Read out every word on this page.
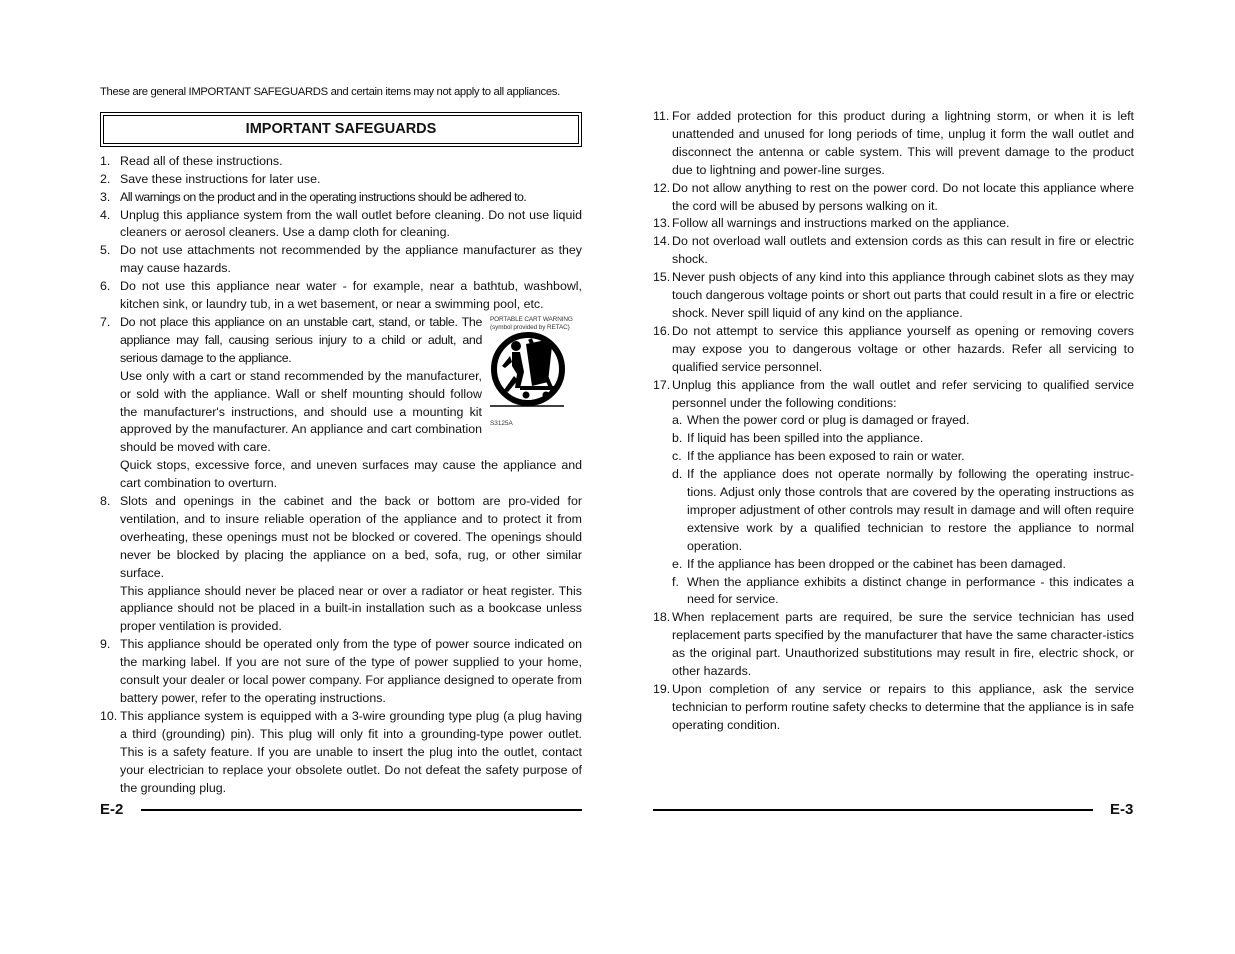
These are general IMPORTANT SAFEGUARDS and certain items may not apply to all appliances.

IMPORTANT SAFEGUARDS
1. Read all of these instructions.

2. Save these instructions for later use.

3. All warnings on the product and in the operating instructions should be adhered to.

4. Unplug this appliance system from the wall outlet before cleaning. Do not use liquid cleaners or aerosol cleaners. Use a damp cloth for cleaning.

5. Do not use attachments not recommended by the appliance manufacturer as they may cause hazards.

6. Do not use this appliance near water - for example, near a bathtub, washbowl, kitchen sink, or laundry tub, in a wet basement, or near a swimming pool, etc.

7.	PORTABLE CART WARNING
(symbol provided by RETAC)
S3125A

Do not place this appliance on an unstable cart, stand, or table. The appliance may fall, causing serious injury to a child or adult, and serious damage to the appliance.

Use only with a cart or stand recommended by the manufacturer, or sold with the appliance. Wall or shelf mounting should follow the manufacturer's instructions, and should use a mounting kit approved by the manufacturer. An appliance and cart combination should be moved with care.

Quick stops, excessive force, and uneven surfaces may cause the appliance and cart combination to overturn.

8. Slots and openings in the cabinet and the back or bottom are pro-vided for ventilation, and to insure reliable operation of the appliance and to protect it from overheating, these openings must not be blocked or covered. The openings should never be blocked by placing the appliance on a bed, sofa, rug, or other similar surface.

This appliance should never be placed near or over a radiator or heat register. This appliance should not be placed in a built-in installation such as a bookcase unless proper ventilation is provided.

9. This appliance should be operated only from the type of power source indicated on the marking label. If you are not sure of the type of power supplied to your home, consult your dealer or local power company. For appliance designed to operate from battery power, refer to the operating instructions.

10. This appliance system is equipped with a 3-wire grounding type plug (a plug having a third (grounding) pin). This plug will only fit into a grounding-type power outlet. This is a safety feature. If you are unable to insert the plug into the outlet, contact your electrician to replace your obsolete outlet. Do not defeat the safety purpose of the grounding plug.

11. For added protection for this product during a lightning storm, or when it is left unattended and unused for long periods of time, unplug it form the wall outlet and disconnect the antenna or cable system. This will prevent damage to the product due to lightning and power-line surges.

12. Do not allow anything to rest on the power cord. Do not locate this appliance where the cord will be abused by persons walking on it.

13. Follow all warnings and instructions marked on the appliance.

14. Do not overload wall outlets and extension cords as this can result in fire or electric shock.

15. Never push objects of any kind into this appliance through cabinet slots as they may touch dangerous voltage points or short out parts that could result in a fire or electric shock. Never spill liquid of any kind on the appliance.

16. Do not attempt to service this appliance yourself as opening or removing covers may expose you to dangerous voltage or other hazards. Refer all servicing to qualified service personnel.

17. Unplug this appliance from the wall outlet and refer servicing to qualified service personnel under the following conditions:

a. When the power cord or plug is damaged or frayed.

b. If liquid has been spilled into the appliance.

c. If the appliance has been exposed to rain or water.

d. If the appliance does not operate normally by following the operating instruc-tions. Adjust only those controls that are covered by the operating instructions as improper adjustment of other controls may result in damage and will often require extensive work by a qualified technician to restore the appliance to normal operation.

e. If the appliance has been dropped or the cabinet has been damaged.

f. When the appliance exhibits a distinct change in performance - this indicates a need for service.

18. When replacement parts are required, be sure the service technician has used replacement parts specified by the manufacturer that have the same character-istics as the original part. Unauthorized substitutions may result in fire, electric shock, or other hazards.

19. Upon completion of any service or repairs to this appliance, ask the service technician to perform routine safety checks to determine that the appliance is in safe operating condition.

E-2	E-3
